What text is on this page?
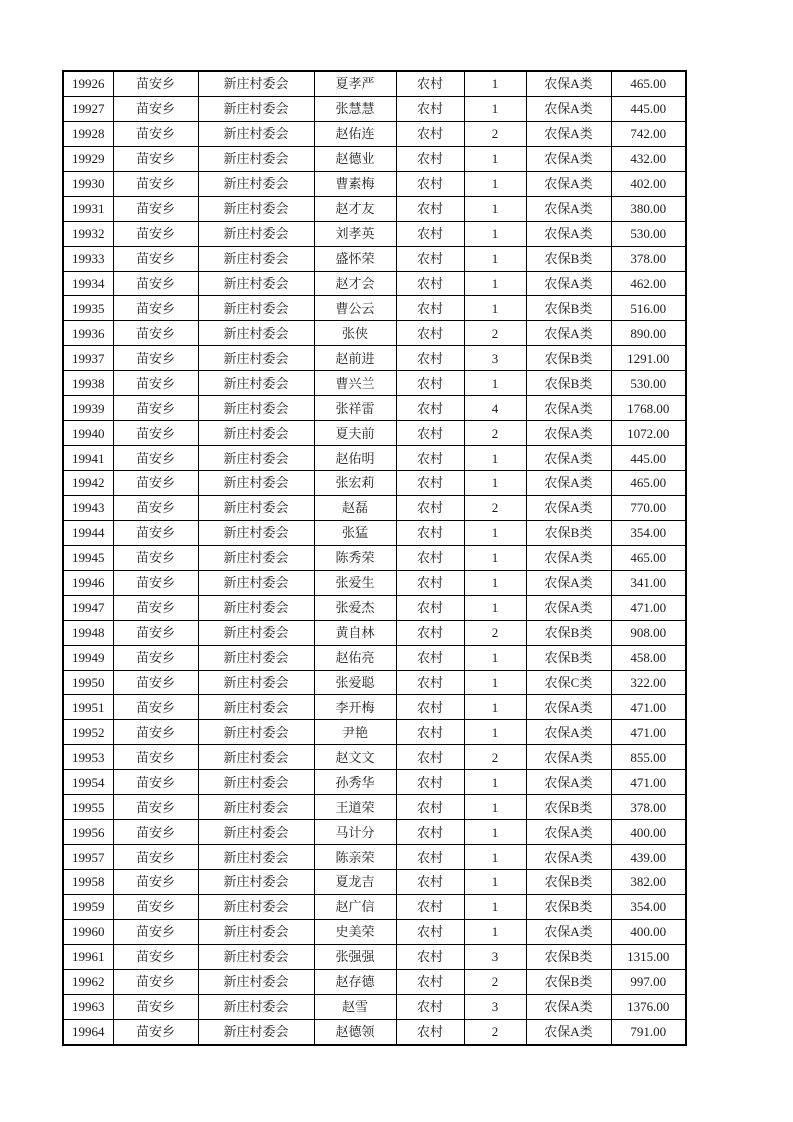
19926	苗安乡	新庄村委会	夏孝严	农村	1	农保A类	465.00
19927	苗安乡	新庄村委会	张慧慧	农村	1	农保A类	445.00
19928	苗安乡	新庄村委会	赵佑连	农村	2	农保A类	742.00
19929	苗安乡	新庄村委会	赵德业	农村	1	农保A类	432.00
19930	苗安乡	新庄村委会	曹素梅	农村	1	农保A类	402.00
19931	苗安乡	新庄村委会	赵才友	农村	1	农保A类	380.00
19932	苗安乡	新庄村委会	刘孝英	农村	1	农保A类	530.00
19933	苗安乡	新庄村委会	盛怀荣	农村	1	农保B类	378.00
19934	苗安乡	新庄村委会	赵才会	农村	1	农保A类	462.00
19935	苗安乡	新庄村委会	曹公云	农村	1	农保B类	516.00
19936	苗安乡	新庄村委会	张侠	农村	2	农保A类	890.00
19937	苗安乡	新庄村委会	赵前进	农村	3	农保B类	1291.00
19938	苗安乡	新庄村委会	曹兴兰	农村	1	农保B类	530.00
19939	苗安乡	新庄村委会	张祥雷	农村	4	农保A类	1768.00
19940	苗安乡	新庄村委会	夏夫前	农村	2	农保A类	1072.00
19941	苗安乡	新庄村委会	赵佑明	农村	1	农保A类	445.00
19942	苗安乡	新庄村委会	张宏莉	农村	1	农保A类	465.00
19943	苗安乡	新庄村委会	赵磊	农村	2	农保A类	770.00
19944	苗安乡	新庄村委会	张猛	农村	1	农保B类	354.00
19945	苗安乡	新庄村委会	陈秀荣	农村	1	农保A类	465.00
19946	苗安乡	新庄村委会	张爱生	农村	1	农保A类	341.00
19947	苗安乡	新庄村委会	张爱杰	农村	1	农保A类	471.00
19948	苗安乡	新庄村委会	黄自林	农村	2	农保B类	908.00
19949	苗安乡	新庄村委会	赵佑亮	农村	1	农保B类	458.00
19950	苗安乡	新庄村委会	张爱聪	农村	1	农保C类	322.00
19951	苗安乡	新庄村委会	李开梅	农村	1	农保A类	471.00
19952	苗安乡	新庄村委会	尹艳	农村	1	农保A类	471.00
19953	苗安乡	新庄村委会	赵文文	农村	2	农保A类	855.00
19954	苗安乡	新庄村委会	孙秀华	农村	1	农保A类	471.00
19955	苗安乡	新庄村委会	王道荣	农村	1	农保B类	378.00
19956	苗安乡	新庄村委会	马计分	农村	1	农保A类	400.00
19957	苗安乡	新庄村委会	陈亲荣	农村	1	农保A类	439.00
19958	苗安乡	新庄村委会	夏龙吉	农村	1	农保B类	382.00
19959	苗安乡	新庄村委会	赵广信	农村	1	农保B类	354.00
19960	苗安乡	新庄村委会	史美荣	农村	1	农保A类	400.00
19961	苗安乡	新庄村委会	张强强	农村	3	农保B类	1315.00
19962	苗安乡	新庄村委会	赵存德	农村	2	农保B类	997.00
19963	苗安乡	新庄村委会	赵雪	农村	3	农保A类	1376.00
19964	苗安乡	新庄村委会	赵德领	农村	2	农保A类	791.00
